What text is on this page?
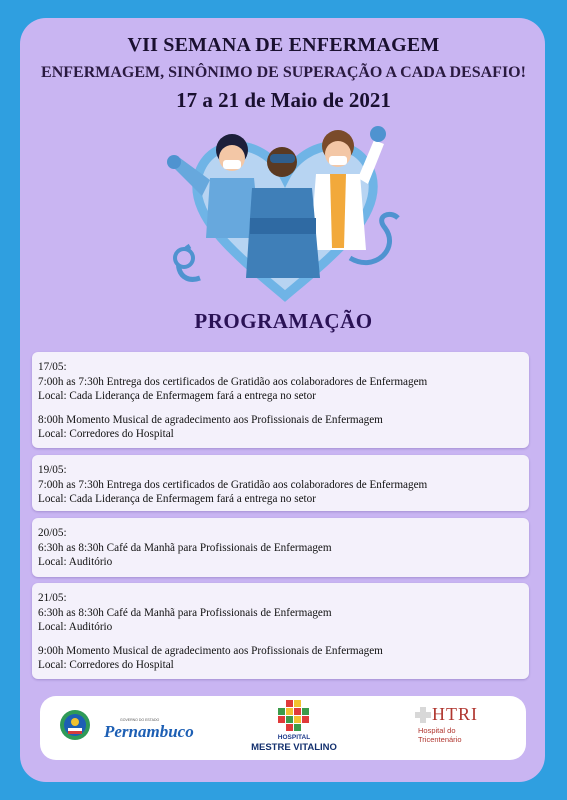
VII SEMANA DE ENFERMAGEM
ENFERMAGEM, SINÔNIMO DE SUPERAÇÃO A CADA DESAFIO!
17 a 21 de Maio de 2021
PROGRAMAÇÃO
17/05:
7:00h as 7:30h Entrega dos certificados de Gratidão aos colaboradores de Enfermagem
Local: Cada Liderança de Enfermagem fará a entrega no setor
8:00h Momento Musical de agradecimento aos Profissionais de Enfermagem
Local: Corredores do Hospital
19/05:
7:00h as 7:30h Entrega dos certificados de Gratidão aos colaboradores de Enfermagem
Local: Cada Liderança de Enfermagem fará a entrega no setor
20/05:
6:30h as 8:30h Café da Manhã para Profissionais de Enfermagem
Local: Auditório
21/05:
6:30h as 8:30h Café da Manhã para Profissionais de Enfermagem
Local: Auditório
9:00h Momento Musical de agradecimento aos Profissionais de Enfermagem
Local: Corredores do Hospital
GOVERNO DO ESTADO
Pernambuco	HOSPITAL
MESTRE VITALINO
HTRI
Hospital do
Tricentenário
